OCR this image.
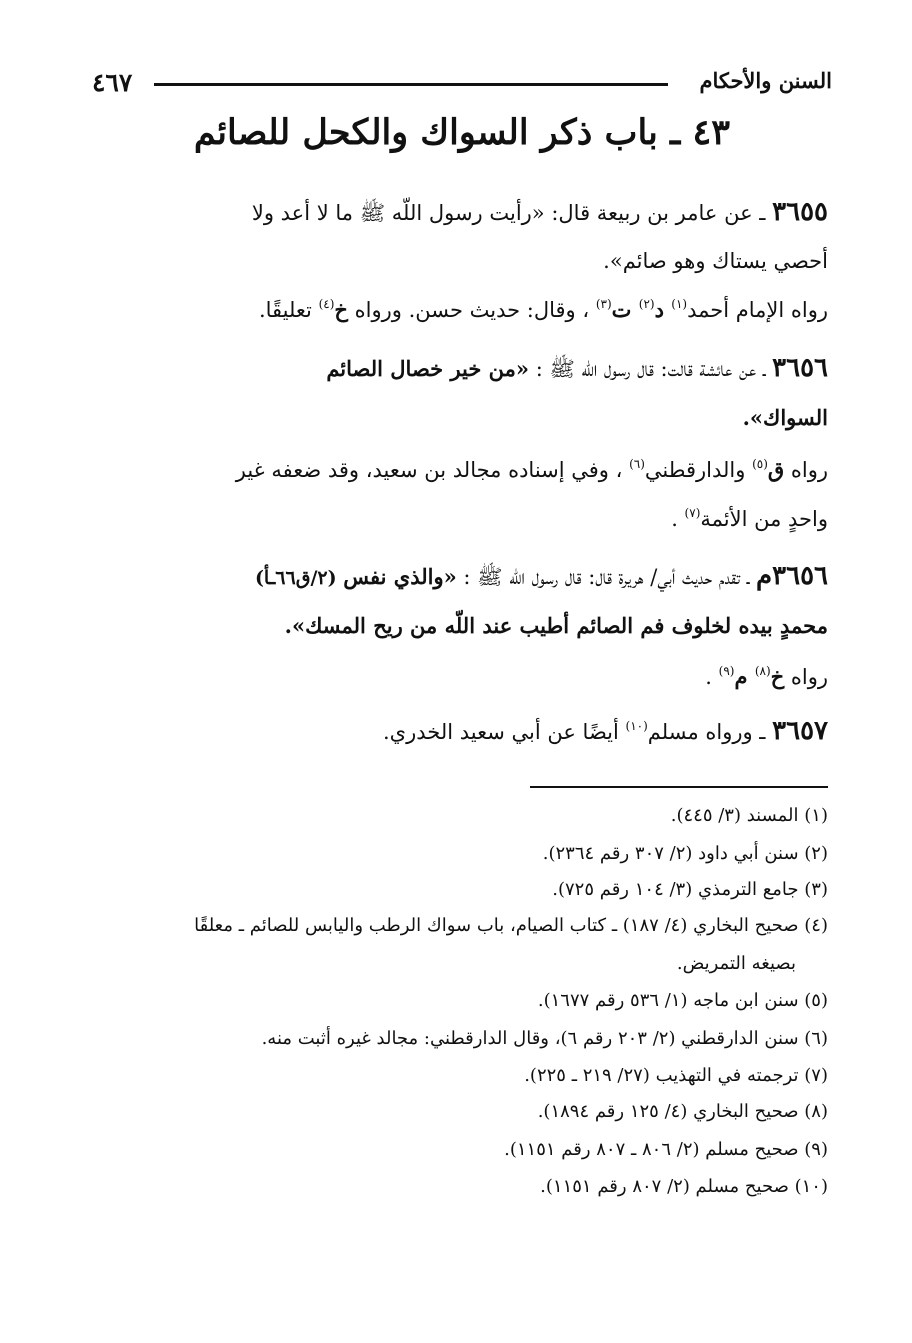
٤٦٧	السنن والأحكام
٤٣ ـ باب ذكر السواك والكحل للصائم
٣٦٥٥ ـ عن عامر بن ربيعة قال: «رأيت رسول اللّه ﷺ ما لا أعد ولا
أحصي يستاك وهو صائم».
رواه الإمام أحمد$^{(١)}$ د$^{(٢)}$ ت$^{(٣)}$ ، وقال: حديث حسن. ورواه خ$^{(٤)}$ تعليقًا.
٣٦٥٦ ـ عن عائشة قالت: قال رسول اللّه ﷺ : «من خير خصال الصائم
السواك».
رواه ق$^{(٥)}$ والدارقطني$^{(٦)}$ ، وفي إسناده مجالد بن سعيد، وقد ضعفه غير
واحدٍ من الأئمة$^{(٧)}$ .
٣٦٥٦م ـ تقدم حديث أبي/ هريرة قال: قال رسول اللّه ﷺ : «والذي نفس (٢/ق٦٦ـأ)
محمدٍ بيده لخلوف فم الصائم أطيب عند اللّه من ريح المسك».
رواه خ$^{(٨)}$ م$^{(٩)}$ .
٣٦٥٧ ـ ورواه مسلم$^{(١٠)}$ أيضًا عن أبي سعيد الخدري.
(١) المسند (٣/ ٤٤٥).
(٢) سنن أبي داود (٢/ ٣٠٧ رقم ٢٣٦٤).
(٣) جامع الترمذي (٣/ ١٠٤ رقم ٧٢٥).
(٤) صحيح البخاري (٤/ ١٨٧) ـ كتاب الصيام، باب سواك الرطب واليابس للصائم ـ معلقًا
بصيغه التمريض.
(٥) سنن ابن ماجه (١/ ٥٣٦ رقم ١٦٧٧).
(٦) سنن الدارقطني (٢/ ٢٠٣ رقم ٦)، وقال الدارقطني: مجالد غيره أثبت منه.
(٧) ترجمته في التهذيب (٢٧/ ٢١٩ ـ ٢٢٥).
(٨) صحيح البخاري (٤/ ١٢٥ رقم ١٨٩٤).
(٩) صحيح مسلم (٢/ ٨٠٦ ـ ٨٠٧ رقم ١١٥١).
(١٠) صحيح مسلم (٢/ ٨٠٧ رقم ١١٥١).
